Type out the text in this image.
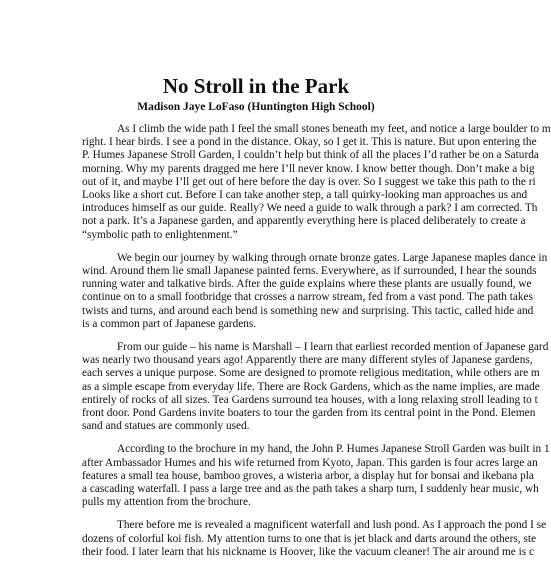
No Stroll in the Park
Madison Jaye LoFaso (Huntington High School)
As I climb the wide path I feel the small stones beneath my feet, and notice a large boulder to m
right. I hear birds. I see a pond in the distance. Okay, so I get it. This is nature. But upon entering the
P. Humes Japanese Stroll Garden, I couldn’t help but think of all the places I’d rather be on a Saturda
morning. Why my parents dragged me here I’ll never know. I know better though. Don’t make a big
out of it, and maybe I’ll get out of here before the day is over. So I suggest we take this path to the ri
Looks like a short cut. Before I can take another step, a tall quirky-looking man approaches us and
introduces himself as our guide. Really? We need a guide to walk through a park? I am corrected. Th
not a park. It’s a Japanese garden, and apparently everything here is placed deliberately to create a
“symbolic path to enlightenment.”
We begin our journey by walking through ornate bronze gates. Large Japanese maples dance in
wind. Around them lie small Japanese painted ferns. Everywhere, as if surrounded, I hear the sounds
running water and talkative birds. After the guide explains where these plants are usually found, we
continue on to a small footbridge that crosses a narrow stream, fed from a vast pond. The path takes
twists and turns, and around each bend is something new and surprising. This tactic, called hide and
is a common part of Japanese gardens.
From our guide – his name is Marshall – I learn that earliest recorded mention of Japanese gard
was nearly two thousand years ago! Apparently there are many different styles of Japanese gardens,
each serves a unique purpose. Some are designed to promote religious meditation, while others are m
as a simple escape from everyday life. There are Rock Gardens, which as the name implies, are made
entirely of rocks of all sizes. Tea Gardens surround tea houses, with a long relaxing stroll leading to t
front door. Pond Gardens invite boaters to tour the garden from its central point in the Pond. Elemen
sand and statues are commonly used.
According to the brochure in my hand, the John P. Humes Japanese Stroll Garden was built in 1
after Ambassador Humes and his wife returned from Kyoto, Japan. This garden is four acres large an
features a small tea house, bamboo groves, a wisteria arbor, a display hut for bonsai and ikebana pla
a cascading waterfall. I pass a large tree and as the path takes a sharp turn, I suddenly hear music, wh
pulls my attention from the brochure.
There before me is revealed a magnificent waterfall and lush pond. As I approach the pond I se
dozens of colorful koi fish. My attention turns to one that is jet black and darts around the others, ste
their food. I later learn that his nickname is Hoover, like the vacuum cleaner! The air around me is c
